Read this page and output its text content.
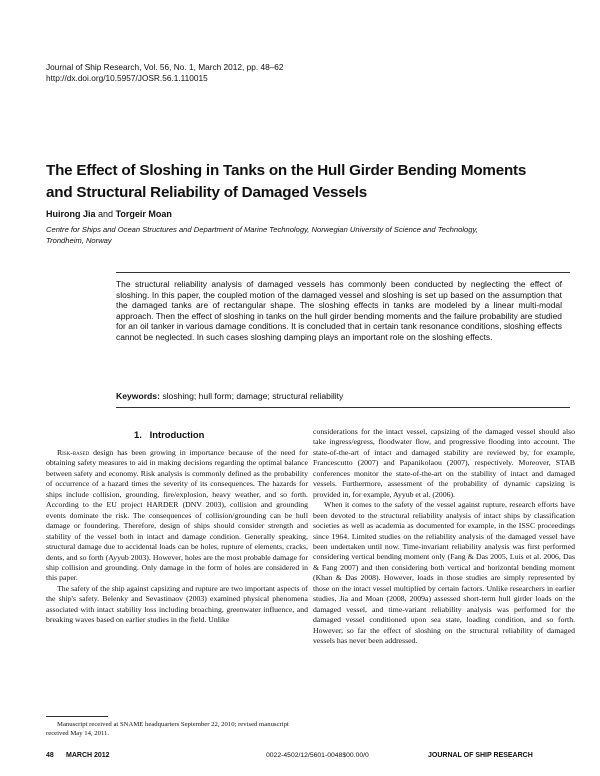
Journal of Ship Research, Vol. 56, No. 1, March 2012, pp. 48–62
http://dx.doi.org/10.5957/JOSR.56.1.110015
The Effect of Sloshing in Tanks on the Hull Girder Bending Moments
and Structural Reliability of Damaged Vessels
Huirong Jia and Torgeir Moan
Centre for Ships and Ocean Structures and Department of Marine Technology, Norwegian University of Science and Technology,
Trondheim, Norway
The structural reliability analysis of damaged vessels has commonly been conducted by neglecting the effect of sloshing. In this paper, the coupled motion of the damaged vessel and sloshing is set up based on the assumption that the damaged tanks are of rectangular shape. The sloshing effects in tanks are modeled by a linear multi-modal approach. Then the effect of sloshing in tanks on the hull girder bending moments and the failure probability are studied for an oil tanker in various damage conditions. It is concluded that in certain tank resonance conditions, sloshing effects cannot be neglected. In such cases sloshing damping plays an important role on the sloshing effects.
Keywords: sloshing; hull form; damage; structural reliability
1. Introduction

Risk-based design has been growing in importance because of the need for obtaining safety measures to aid in making decisions regarding the optimal balance between safety and economy. Risk analysis is commonly defined as the probability of occurrence of a hazard times the severity of its consequences. The hazards for ships include collision, grounding, fire/explosion, heavy weather, and so forth. According to the EU project HARDER (DNV 2003), collision and grounding events dominate the risk. The consequences of collision/grounding can be hull damage or foundering. Therefore, design of ships should consider strength and stability of the vessel both in intact and damage condition. Generally speaking, structural damage due to accidental loads can be holes, rupture of elements, cracks, dents, and so forth (Ayyub 2003). However, holes are the most probable damage for ship collision and grounding. Only damage in the form of holes are considered in this paper.

The safety of the ship against capsizing and rupture are two important aspects of the ship's safety. Belenky and Sevastinaov (2003) examined physical phenomena associated with intact stability loss including broaching, greenwater influence, and breaking waves based on earlier studies in the field. Unlike

Manuscript received at SNAME headquarters September 22, 2010; revised manuscript received May 14, 2011.

considerations for the intact vessel, capsizing of the damaged vessel should also take ingress/egress, floodwater flow, and progressive flooding into account. The state-of-the-art of intact and damaged stability are reviewed by, for example, Francescutto (2007) and Papanikolaou (2007), respectively. Moreover, STAB conferences monitor the state-of-the-art on the stability of intact and damaged vessels. Furthermore, assessment of the probability of dynamic capsizing is provided in, for example, Ayyub et al. (2006).

When it comes to the safety of the vessel against rupture, research efforts have been devoted to the structural reliability analysis of intact ships by classification societies as well as academia as documented for example, in the ISSC proceedings since 1964. Limited studies on the reliability analysis of the damaged vessel have been undertaken until now. Time-invariant reliability analysis was first performed considering vertical bending moment only (Fang & Das 2005, Luis et al. 2006, Das & Fang 2007) and then considering both vertical and horizontal bending moment (Khan & Das 2008). However, loads in those studies are simply represented by those on the intact vessel multiplied by certain factors. Unlike researchers in earlier studies, Jia and Moan (2008, 2009a) assessed short-term hull girder loads on the damaged vessel, and time-variant reliability analysis was performed for the damaged vessel conditioned upon sea state, loading condition, and so forth. However, so far the effect of sloshing on the structural reliability of damaged vessels has never been addressed.

48 MARCH 2012	0022-4502/12/5601-0048$00.00/0	JOURNAL OF SHIP RESEARCH
